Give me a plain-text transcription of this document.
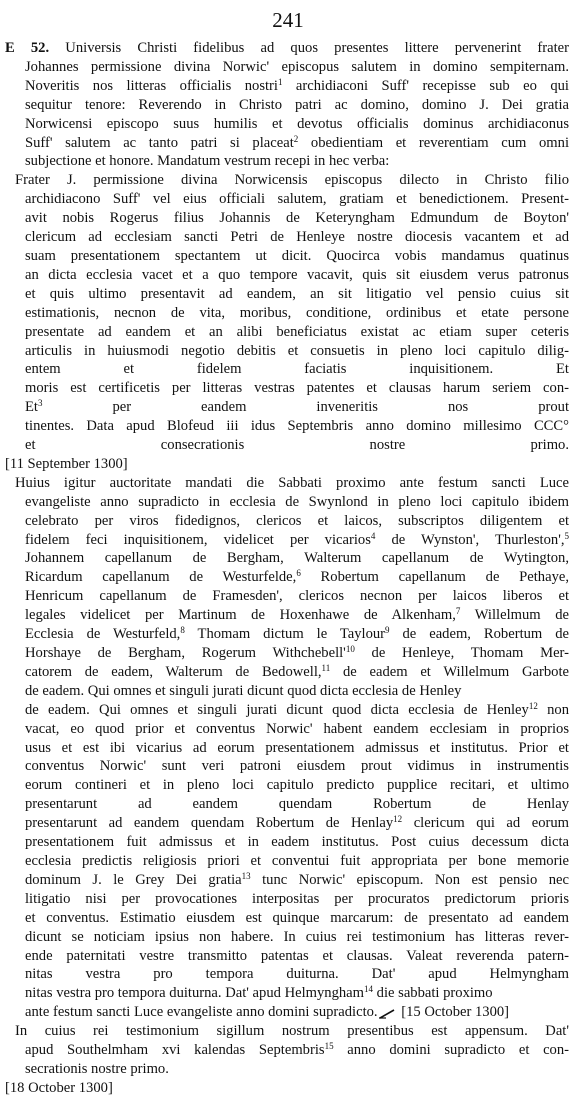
241
E 52. Universis Christi fidelibus ad quos presentes littere pervenerint frater
Johannes permissione divina Norwic' episcopus salutem in domino sempiternam.
Noveritis nos litteras officialis nostri$^1$ archidiaconi Suff' recepisse sub eo qui
sequitur tenore: Reverendo in Christo patri ac domino, domino J. Dei gratia
Norwicensi episcopo suus humilis et devotus officialis dominus archidiaconus
Suff' salutem ac tanto patri si placeat$^2$ obedientiam et reverentiam cum omni
subjectione et honore. Mandatum vestrum recepi in hec verba:
Frater J. permissione divina Norwicensis episcopus dilecto in Christo filio
archidiacono Suff' vel eius officiali salutem, gratiam et benedictionem. Present-
avit nobis Rogerus filius Johannis de Keteryngham Edmundum de Boyton'
clericum ad ecclesiam sancti Petri de Henleye nostre diocesis vacantem et ad
suam presentationem spectantem ut dicit. Quocirca vobis mandamus quatinus
an dicta ecclesia vacet et a quo tempore vacavit, quis sit eiusdem verus patronus
et quis ultimo presentavit ad eandem, an sit litigatio vel pensio cuius sit
estimationis, necnon de vita, moribus, conditione, ordinibus et etate persone
presentate ad eandem et an alibi beneficiatus existat ac etiam super ceteris
articulis in huiusmodi negotio debitis et consuetis in pleno loci capitulo dilig-
entem et fidelem faciatis inquisitionem. Et
moris est certificetis per litteras vestras patentes et clausas harum seriem con-
Et$^3$ per eandem inveneritis nos prout
tinentes. Data apud Blofeud iii idus Septembris anno domino millesimo CCC°
et consecrationis nostre primo.
[11 September 1300]
Huius igitur auctoritate mandati die Sabbati proximo ante festum sancti Luce
evangeliste anno supradicto in ecclesia de Swynlond in pleno loci capitulo ibidem
celebrato per viros fidedignos, clericos et laicos, subscriptos diligentem et
fidelem feci inquisitionem, videlicet per vicarios$^4$ de Wynston', Thurleston',$^5$
Johannem capellanum de Bergham, Walterum capellanum de Wytington,
Ricardum capellanum de Westurfelde,$^6$ Robertum capellanum de Pethaye,
Henricum capellanum de Framesden', clericos necnon per laicos liberos et
legales videlicet per Martinum de Hoxenhawe de Alkenham,$^7$ Willelmum de
Ecclesia de Westurfeld,$^8$ Thomam dictum le Taylour$^9$ de eadem, Robertum de
Horshaye de Bergham, Rogerum $Withchebell'^{10}$ de Henleye, Thomam Mer-
catorem de eadem, Walterum de Bedowell,$^{11}$ de eadem et Willelmum Garbote
de eadem. Qui omnes et singuli jurati dicunt quod dicta ecclesia de Henley
de eadem. Qui omnes et singuli jurati dicunt quod dicta ecclesia de Henley$^{12}$ non
vacat, eo quod prior et conventus Norwic' habent eandem ecclesiam in proprios
usus et est ibi vicarius ad eorum presentationem admissus et institutus. Prior et
conventus Norwic' sunt veri patroni eiusdem prout vidimus in instrumentis
eorum contineri et in pleno loci capitulo predicto pupplice recitari, et ultimo
presentarunt ad eandem quendam Robertum de Henlay
presentarunt ad eandem quendam Robertum de Henlay$^{12}$ clericum qui ad eorum
presentationem fuit admissus et in eadem institutus. Post cuius decessum dicta
ecclesia predictis religiosis priori et conventui fuit appropriata per bone memorie
dominum J. le Grey Dei gratia$^{13}$ tunc Norwic' episcopum. Non est pensio nec
litigatio nisi per provocationes interpositas per procuratos predictorum prioris
et conventus. Estimatio eiusdem est quinque marcarum: de presentato ad eandem
dicunt se noticiam ipsius non habere. In cuius rei testimonium has litteras rever-
ende paternitati vestre transmitto patentas et clausas. Valeat reverenda patern-
nitas vestra pro tempora duiturna. Dat' apud Helmyngham
nitas vestra pro tempora duiturna. Dat' apud Helmyngham$^{14}$ die sabbati proximo
ante festum sancti Luce evangeliste anno domini supradicto. [15 October 1300]
In cuius rei testimonium sigillum nostrum presentibus est appensum. Dat'
apud Southelmham xvi kalendas Septembris$^{15}$ anno domini supradicto et con-
secrationis nostre primo.
[18 October 1300]
